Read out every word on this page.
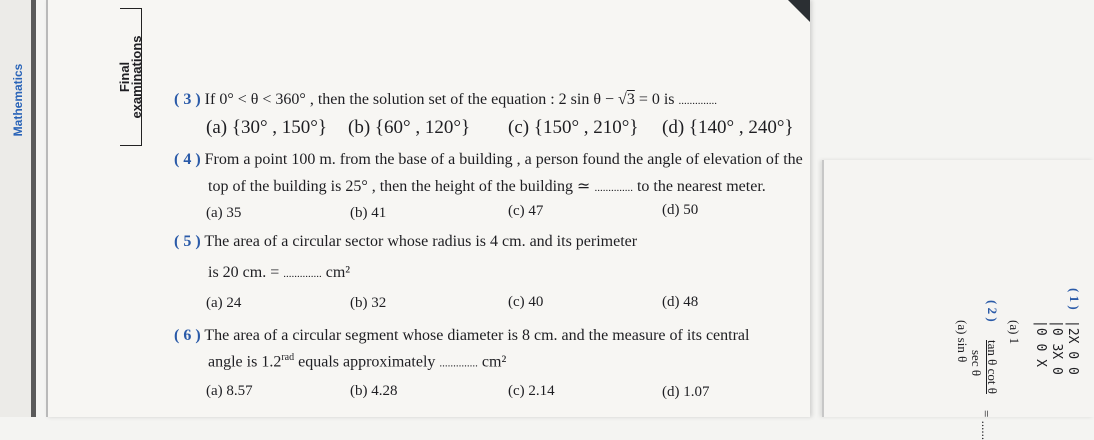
Mathematics	Final
examinations ( 3 ) If 0° < θ < 360° , then the solution set of the equation : 2 sin θ − √3 = 0 is ..............
(a) {30° , 150°} (b) {60° , 120°} (c) {150° , 210°} (d) {140° , 240°}
( 4 ) From a point 100 m. from the base of a building , a person found the angle of elevation of the
top of the building is 25° , then the height of the building ≃ .............. to the nearest meter.
(a) 35	(b) 41	(c) 47	(d) 50
( 5 ) The area of a circular sector whose radius is 4 cm. and its perimeter
is 20 cm. = .............. cm²
(a) 24	(b) 32	(c) 40	(d) 48
( 6 ) The area of a circular segment whose diameter is 8 cm. and the measure of its central
angle is $1.2^{rad}$ equals approximately .............. cm²
(a) 8.57	(b) 4.28	(c) 2.14	(d) 1.07
( 1 )
|2X 0 0
|0 3X 0
|0 0 X
(a) 1
( 2 )
tan θ cot θ
sec θ
= ......
(a) sin θ
